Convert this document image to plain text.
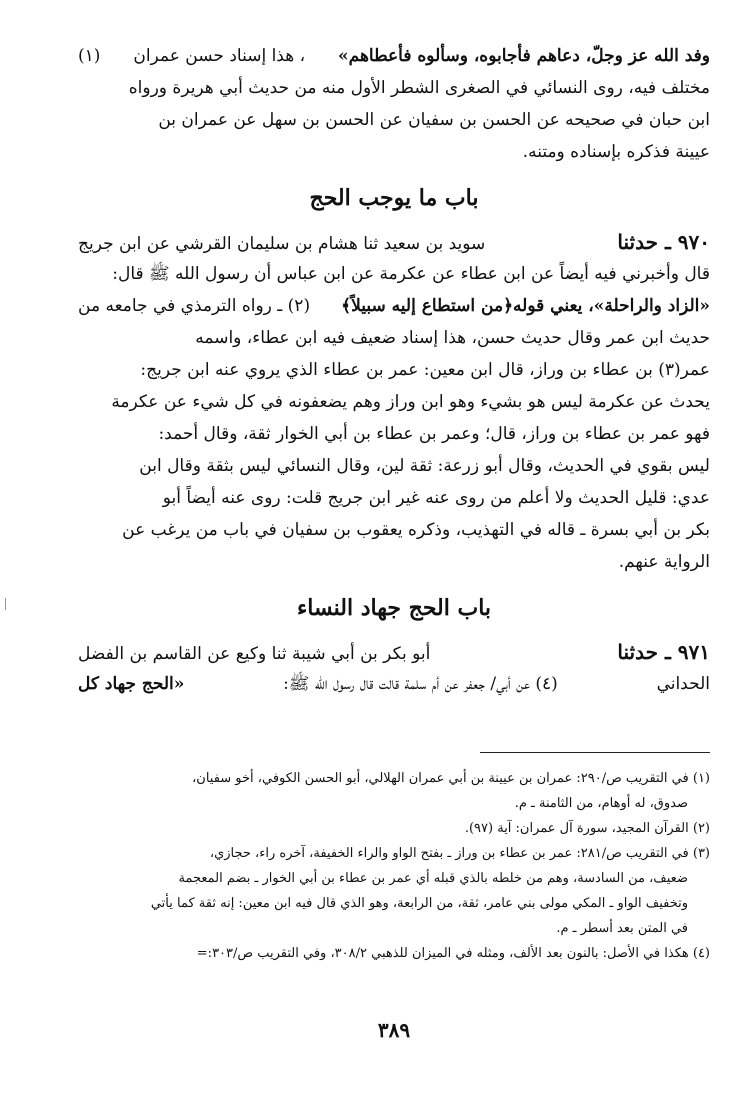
وفد الله عز وجلّ، دعاهم فأجابوه، وسألوه فأعطاهم»
، هذا إسناد حسن عمران
(١)
مختلف فيه، روى النسائي في الصغرى الشطر الأول منه من حديث أبي هريرة ورواه
ابن حبان في صحيحه عن الحسن بن سفيان عن الحسن بن سهل عن عمران بن
عيينة فذكره بإسناده ومتنه.
باب ما يوجب الحج
٩٧٠ ـ حدثنا
سويد بن سعيد ثنا هشام بن سليمان القرشي عن ابن جريج
قال وأخبرني فيه أيضاً عن ابن عطاء عن عكرمة عن ابن عباس أن رسول الله ﷺ قال:
«الزاد والراحلة»، يعني قوله﴿من استطاع إليه سبيلاً﴾
(٢) ـ رواه الترمذي في جامعه من
حديث ابن عمر وقال حديث حسن، هذا إسناد ضعيف فيه ابن عطاء، واسمه
عمر(٣) بن عطاء بن وراز، قال ابن معين: عمر بن عطاء الذي يروي عنه ابن جريج:
يحدث عن عكرمة ليس هو بشيء وهو ابن وراز وهم يضعفونه في كل شيء عن عكرمة
فهو عمر بن عطاء بن وراز، قال؛ وعمر بن عطاء بن أبي الخوار ثقة، وقال أحمد:
ليس بقوي في الحديث، وقال أبو زرعة: ثقة لين، وقال النسائي ليس بثقة وقال ابن
عدي: قليل الحديث ولا أعلم من روى عنه غير ابن جريج قلت: روى عنه أيضاً أبو
بكر بن أبي بسرة ـ قاله في التهذيب، وذكره يعقوب بن سفيان في باب من يرغب عن
الرواية عنهم.
باب الحج جهاد النساء
٩٧١ ـ حدثنا
أبو بكر بن أبي شيبة ثنا وكيع عن القاسم بن الفضل
الحداني
(٤) عن أبي/ جعفر عن أم سلمة قالت قال رسول الله ﷺ:
«الحج جهاد كل
(١) في التقريب ص/٢٩٠: عمران بن عيينة بن أبي عمران الهلالي، أبو الحسن الكوفي، أخو سفيان،
صدوق، له أوهام، من الثامنة ـ م.
(٢) القرآن المجيد، سورة آل عمران: آية (٩٧).
(٣) في التقريب ص/٢٨١: عمر بن عطاء بن وراز ـ بفتح الواو والراء الخفيفة، آخره راء، حجازي،
ضعيف، من السادسة، وهم من خلطه بالذي قبله أي عمر بن عطاء بن أبي الخوار ـ بضم المعجمة
وتخفيف الواو ـ المكي مولى بني عامر، ثقة، من الرابعة، وهو الذي قال فيه ابن معين: إنه ثقة كما يأتي
في المتن بعد أسطر ـ م.
(٤) هكذا في الأصل: بالنون بعد الألف، ومثله في الميزان للذهبي ٣٠٨/٢، وفي التقريب ص/٣٠٣:=
٣٨٩
